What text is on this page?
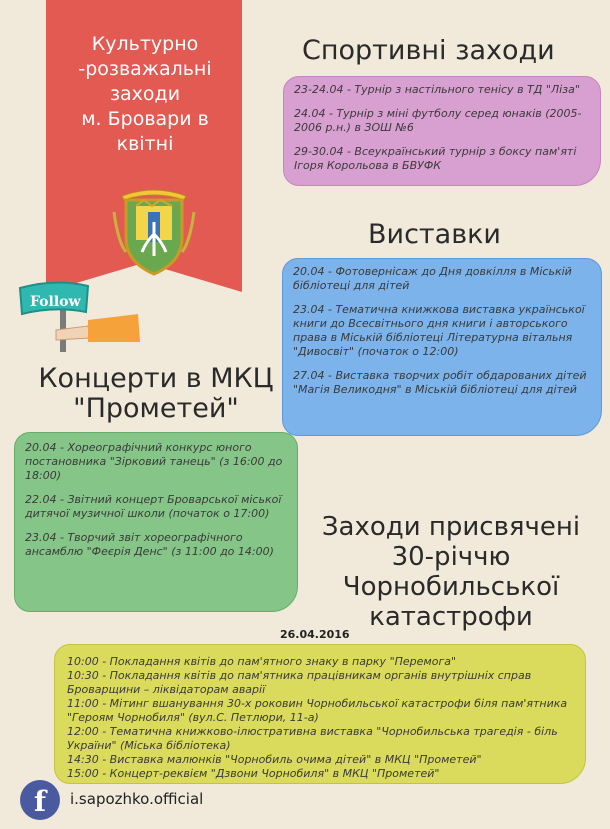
Культурно
-розважальні
заходи
м. Бровари в
квітні
Follow
Спортивні заходи

23-24.04 - Турнір з настільного тенісу в ТД "Ліза"

24.04 - Турнір з міні футболу серед юнаків (2005-2006 р.н.) в ЗОШ №6

29-30.04 - Всеукраїнський турнір з боксу пам'яті Ігоря Корольова в БВУФК

Виставки

20.04 - Фотовернісаж до Дня довкілля в Міській бібліотеці для дітей

23.04 - Тематична книжкова виставка української книги до Всесвітнього дня книги і авторського права в Міській бібліотеці Літературна вітальня "Дивосвіт" (початок о 12:00)

27.04 - Виставка творчих робіт обдарованих дітей "Магія Великодня" в Міській бібліотеці для дітей

Концерти в МКЦ
"Прометей"

20.04 - Хореографічний конкурс юного постановника "Зірковий танець" (з 16:00 до 18:00)

22.04 - Звітний концерт Броварської міської дитячої музичної школи (початок о 17:00)

23.04 - Творчий звіт хореографічного ансамблю "Феєрія Денс" (з 11:00 до 14:00)

Заходи присвячені
30-річчю
Чорнобильської
катастрофи
26.04.2016

10:00 - Покладання квітів до пам'ятного знаку в парку "Перемога"

10:30 - Покладання квітів до пам'ятника працівникам органів внутрішніх справ Броварщини – ліквідаторам аварії

11:00 - Мітинг вшанування 30-х роковин Чорнобильської катастрофи біля пам'ятника "Героям Чорнобиля" (вул.С. Петлюри, 11-а)

12:00 - Тематична книжково-ілюстративна виставка "Чорнобильська трагедія - біль України" (Міська бібліотека)

14:30 - Виставка малюнків "Чорнобиль очима дітей" в МКЦ "Прометей"

15:00 - Концерт-реквієм "Дзвони Чорнобиля" в МКЦ "Прометей"

f	i.sapozhko.official
